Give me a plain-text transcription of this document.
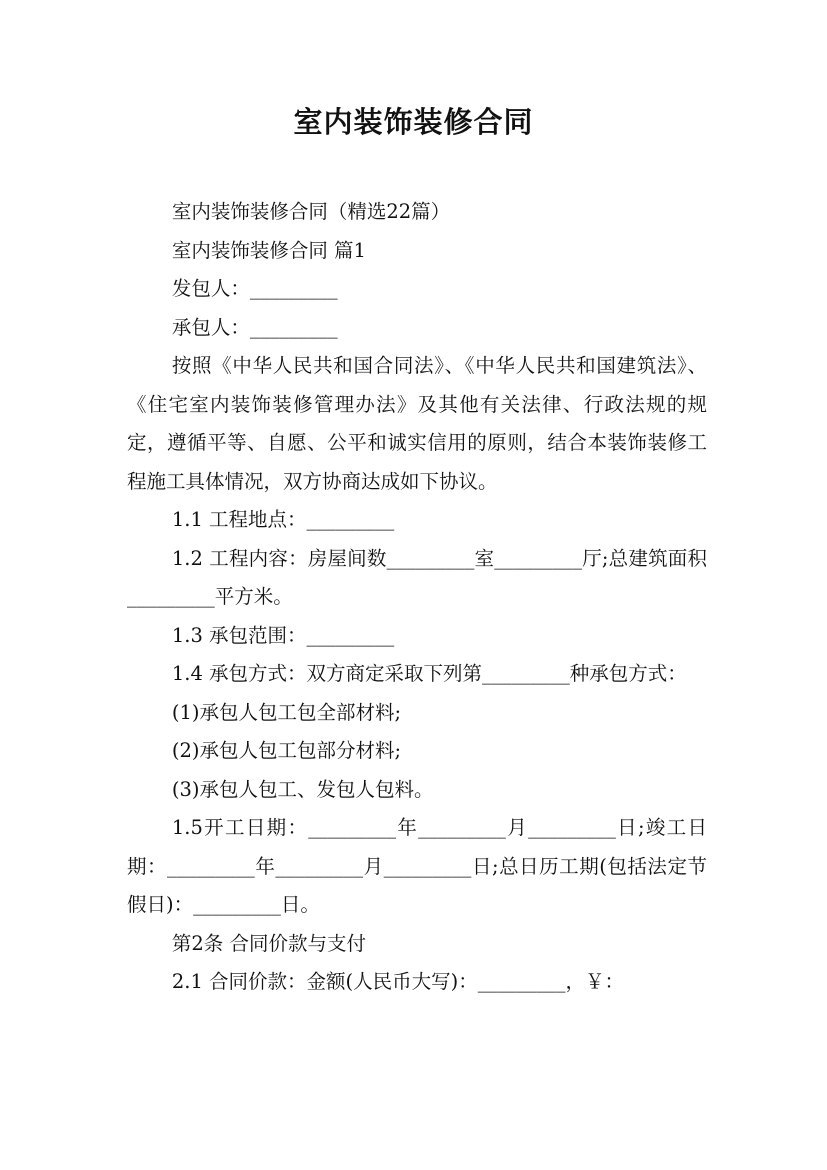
室内装饰装修合同

室内装饰装修合同（精选22篇）

室内装饰装修合同 篇1

发包人：_________

承包人：_________

按照《中华人民共和国合同法》、《中华人民共和国建筑法》、《住宅室内装饰装修管理办法》及其他有关法律、行政法规的规定，遵循平等、自愿、公平和诚实信用的原则，结合本装饰装修工程施工具体情况，双方协商达成如下协议。

1.1 工程地点：_________

1.2 工程内容：房屋间数_________室_________厅;总建筑面积_________平方米。

1.3 承包范围：_________

1.4 承包方式：双方商定采取下列第_________种承包方式：

(1)承包人包工包全部材料;

(2)承包人包工包部分材料;

(3)承包人包工、发包人包料。

1.5开工日期：_________年_________月_________日;竣工日期：_________年_________月_________日;总日历工期(包括法定节假日)：_________日。

第2条 合同价款与支付

2.1 合同价款：金额(人民币大写)：_________，￥：
